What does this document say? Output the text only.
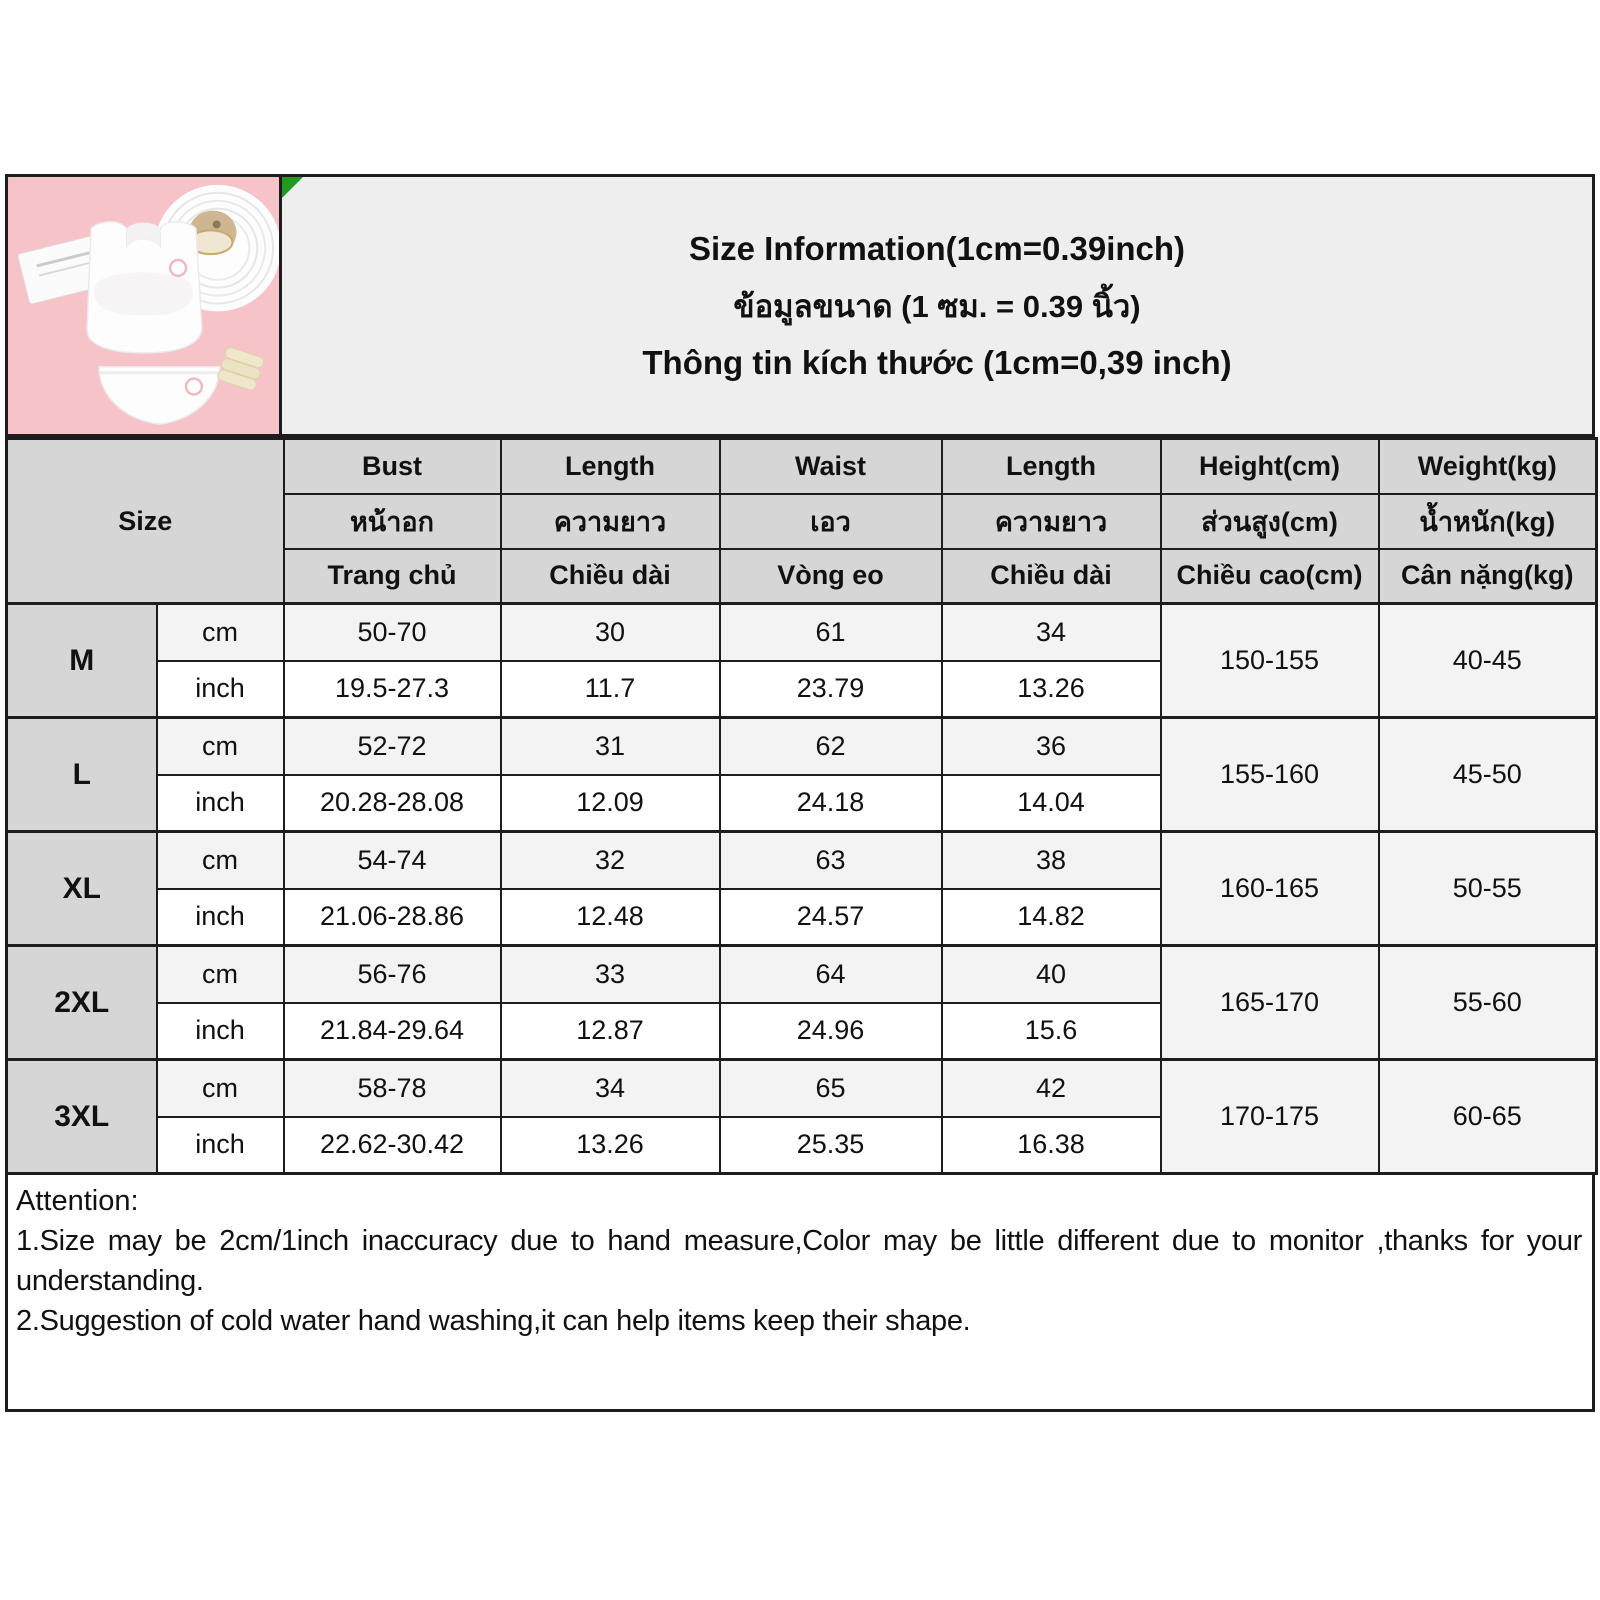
Size Information(1cm=0.39inch)
ข้อมูลขนาด (1 ซม. = 0.39 นิ้ว)
Thông tin kích thước (1cm=0,39 inch)
Size		Bust	Length	Waist	Length	Height(cm)	Weight(kg)
		หน้าอก	ความยาว	เอว	ความยาว	ส่วนสูง(cm)	น้ำหนัก(kg)
		Trang chủ	Chiều dài	Vòng eo	Chiều dài	Chiều cao(cm)	Cân nặng(kg)
M	cm	50-70	30	61	34	150-155	40-45
	inch	19.5-27.3	11.7	23.79	13.26		
L	cm	52-72	31	62	36	155-160	45-50
	inch	20.28-28.08	12.09	24.18	14.04		
XL	cm	54-74	32	63	38	160-165	50-55
	inch	21.06-28.86	12.48	24.57	14.82		
2XL	cm	56-76	33	64	40	165-170	55-60
	inch	21.84-29.64	12.87	24.96	15.6		
3XL	cm	58-78	34	65	42	170-175	60-65
	inch	22.62-30.42	13.26	25.35	16.38		
Attention:
1.Size may be 2cm/1inch inaccuracy due to hand measure,Color may be little different due to monitor ,thanks for your understanding.
2.Suggestion of cold water hand washing,it can help items keep their shape.
